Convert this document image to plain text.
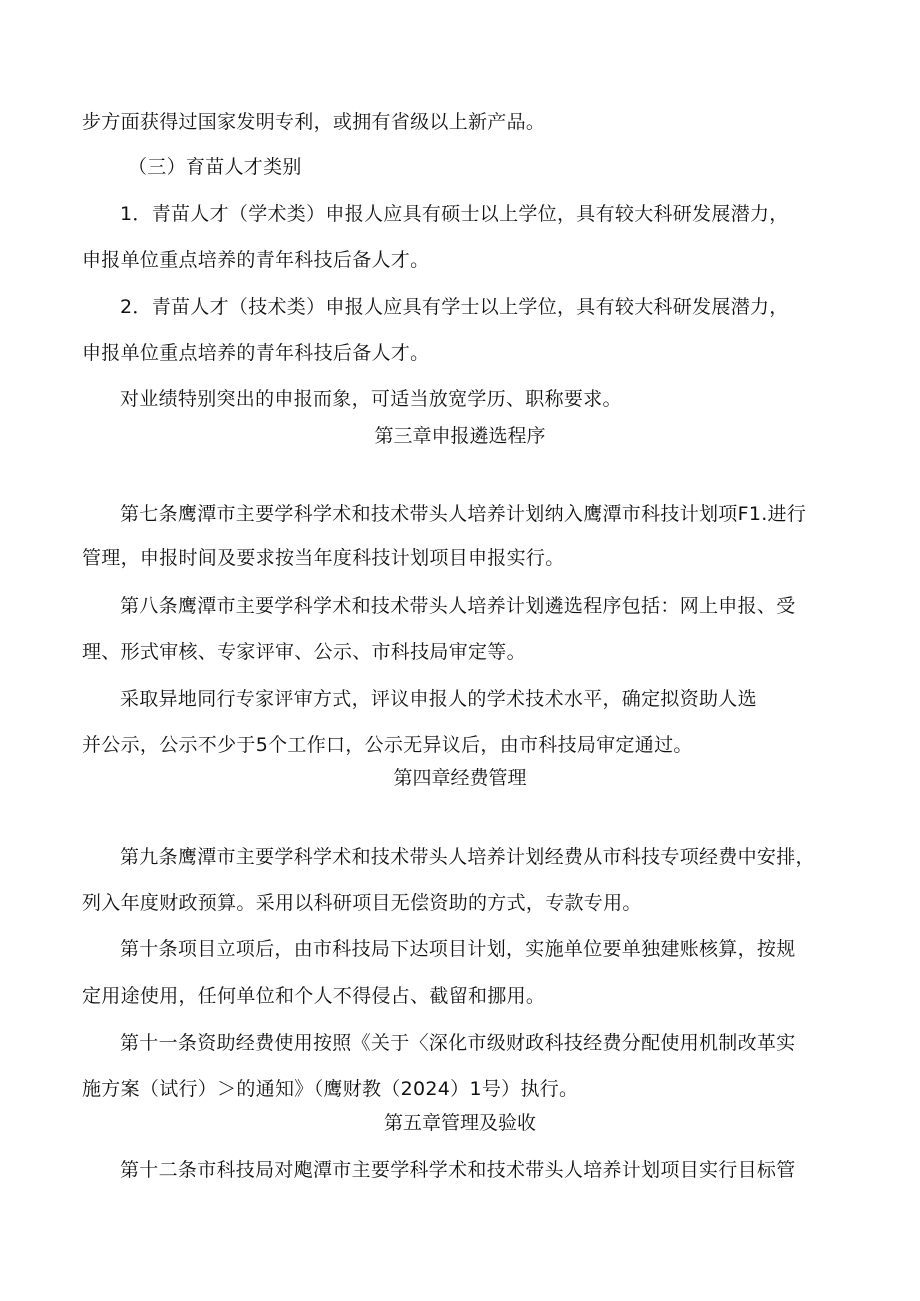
步方面获得过国家发明专利，或拥有省级以上新产品。
（三）育苗人才类别
1．青苗人才（学术类）申报人应具有硕士以上学位，具有较大科研发展潜力，
申报单位重点培养的青年科技后备人才。
2．青苗人才（技术类）申报人应具有学士以上学位，具有较大科研发展潜力，
申报单位重点培养的青年科技后备人才。
对业绩特别突出的申报而象，可适当放宽学历、职称要求。
第三章申报遴选程序
第七条鹰潭市主要学科学术和技术带头人培养计划纳入鹰潭市科技计划项F1.进行
管理，申报时间及要求按当年度科技计划项目申报实行。
第八条鹰潭市主要学科学术和技术带头人培养计划遴选程序包括：网上申报、受
理、形式审核、专家评审、公示、市科技局审定等。
采取异地同行专家评审方式，评议申报人的学术技术水平，确定拟资助人选
并公示，公示不少于5个工作口，公示无异议后，由市科技局审定通过。
第四章经费管理
第九条鹰潭市主要学科学术和技术带头人培养计划经费从市科技专项经费中安排，
列入年度财政预算。采用以科研项目无偿资助的方式，专款专用。
第十条项目立项后，由市科技局下达项目计划，实施单位要单独建账核算，按规
定用途使用，任何单位和个人不得侵占、截留和挪用。
第十一条资助经费使用按照《关于〈深化市级财政科技经费分配使用机制改革实
施方案（试行）＞的通知》（鹰财教（2024）1号）执行。
第五章管理及验收
第十二条市科技局对飑潭市主要学科学术和技术带头人培养计划项目实行目标管
